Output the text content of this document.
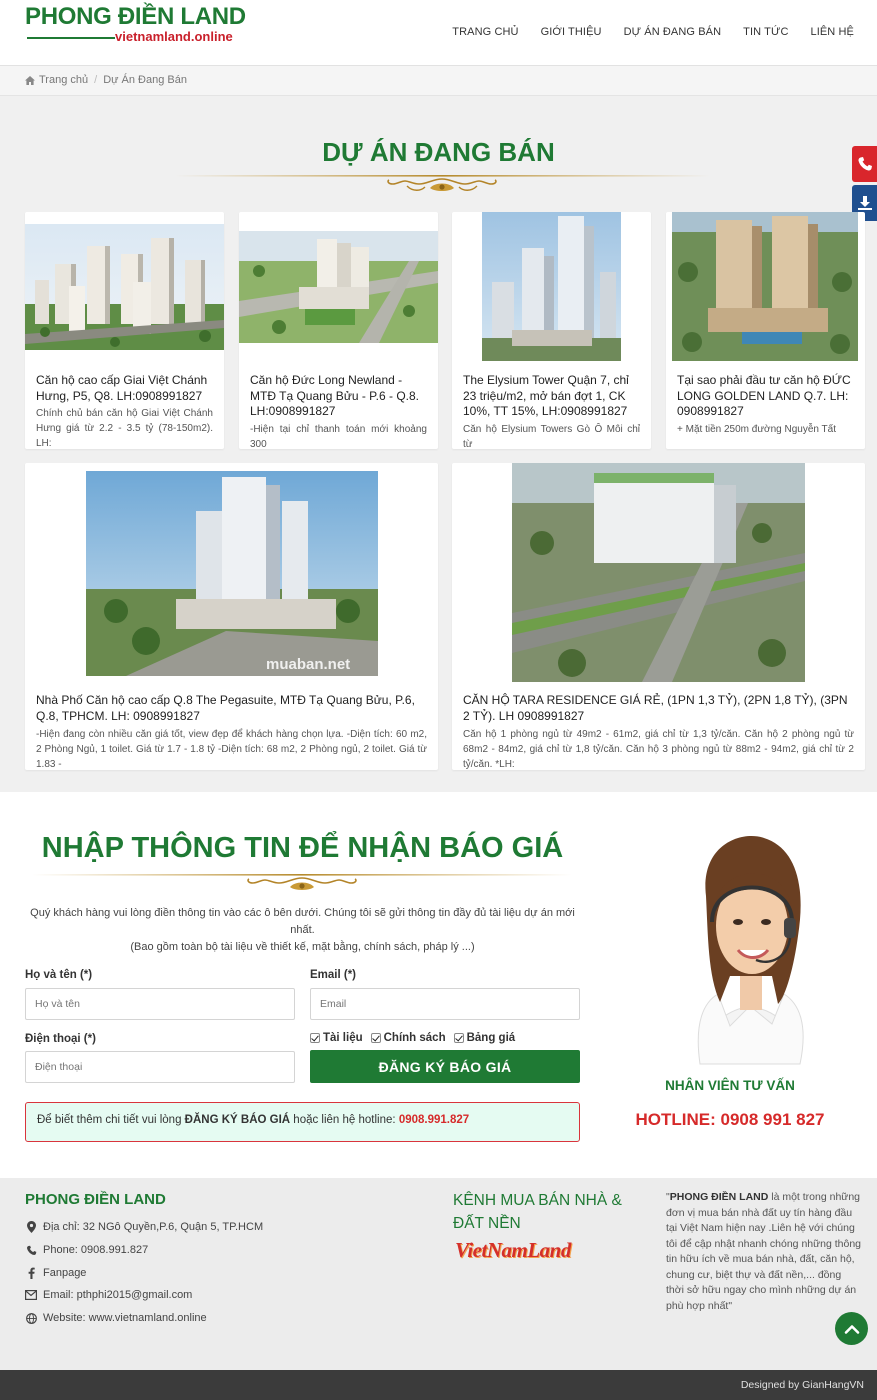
PHONG ĐIỀN LAND
vietnamland.online	TRANG CHỦ GIỚI THIỆU DỰ ÁN ĐANG BÁN TIN TỨC LIÊN HỆ
Trang chủ / Dự Án Đang Bán
DỰ ÁN ĐANG BÁN
Căn hộ cao cấp Giai Việt Chánh Hưng, P5, Q8. LH:0908991827
Chính chủ bán căn hộ Giai Việt Chánh Hưng giá từ 2.2 - 3.5 tỷ (78-150m2). LH:
Căn hộ Đức Long Newland - MTĐ Tạ Quang Bửu - P.6 - Q.8. LH:0908991827
-Hiện tại chỉ thanh toán mới khoảng 300
The Elysium Tower Quận 7, chỉ 23 triệu/m2, mở bán đợt 1, CK 10%, TT 15%, LH:0908991827
Căn hộ Elysium Towers Gò Ô Môi chỉ từ
Tại sao phải đầu tư căn hộ ĐỨC LONG GOLDEN LAND Q.7. LH: 0908991827
+ Mặt tiền 250m đường Nguyễn Tất
muaban.net
Nhà Phố Căn hộ cao cấp Q.8 The Pegasuite, MTĐ Tạ Quang Bửu, P.6, Q.8, TPHCM. LH: 0908991827
-Hiện đang còn nhiều căn giá tốt, view đẹp để khách hàng chọn lựa. -Diện tích: 60 m2, 2 Phòng Ngủ, 1 toilet. Giá từ 1.7 - 1.8 tỷ -Diện tích: 68 m2, 2 Phòng ngủ, 2 toilet. Giá từ 1.83 -
CĂN HỘ TARA RESIDENCE GIÁ RẺ, (1PN 1,3 TỶ), (2PN 1,8 TỶ), (3PN 2 TỶ). LH 0908991827
Căn hộ 1 phòng ngủ từ 49m2 - 61m2, giá chỉ từ 1,3 tỷ/căn. Căn hộ 2 phòng ngủ từ 68m2 - 84m2, giá chỉ từ 1,8 tỷ/căn. Căn hộ 3 phòng ngủ từ 88m2 - 94m2, giá chỉ từ 2 tỷ/căn. *LH:
NHẬP THÔNG TIN ĐỂ NHẬN BÁO GIÁ
Quý khách hàng vui lòng điền thông tin vào các ô bên dưới. Chúng tôi sẽ gửi thông tin đầy đủ tài liệu dự án mới nhất.
(Bao gồm toàn bộ tài liệu về thiết kế, mặt bằng, chính sách, pháp lý ...)
Họ và tên (*)
Họ và tên	Email (*)
Email
Điện thoại (*)
Điện thoại	Tài liệu Chính sách Bảng giá
ĐĂNG KÝ BÁO GIÁ
Để biết thêm chi tiết vui lòng ĐĂNG KÝ BÁO GIÁ hoặc liên hệ hotline: 0908.991.827
NHÂN VIÊN TƯ VẤN
HOTLINE: 0908 991 827
PHONG ĐIỀN LAND
Địa chỉ: 32 NGô Quyền,P.6, Quận 5, TP.HCM
Phone: 0908.991.827
Fanpage
Email: pthphi2015@gmail.com
Website: www.vietnamland.online
KÊNH MUA BÁN NHÀ & ĐẤT NỀN
VietNamLand
"PHONG ĐIỀN LAND là một trong những đơn vị mua bán nhà đất uy tín hàng đầu tại Việt Nam hiện nay .Liên hệ với chúng tôi để cập nhật nhanh chóng những thông tin hữu ích về mua bán nhà, đất, căn hộ, chung cư, biệt thự và đất nền,... đồng thời sở hữu ngay cho mình những dự án phù hợp nhất"
Designed by GianHangVN
